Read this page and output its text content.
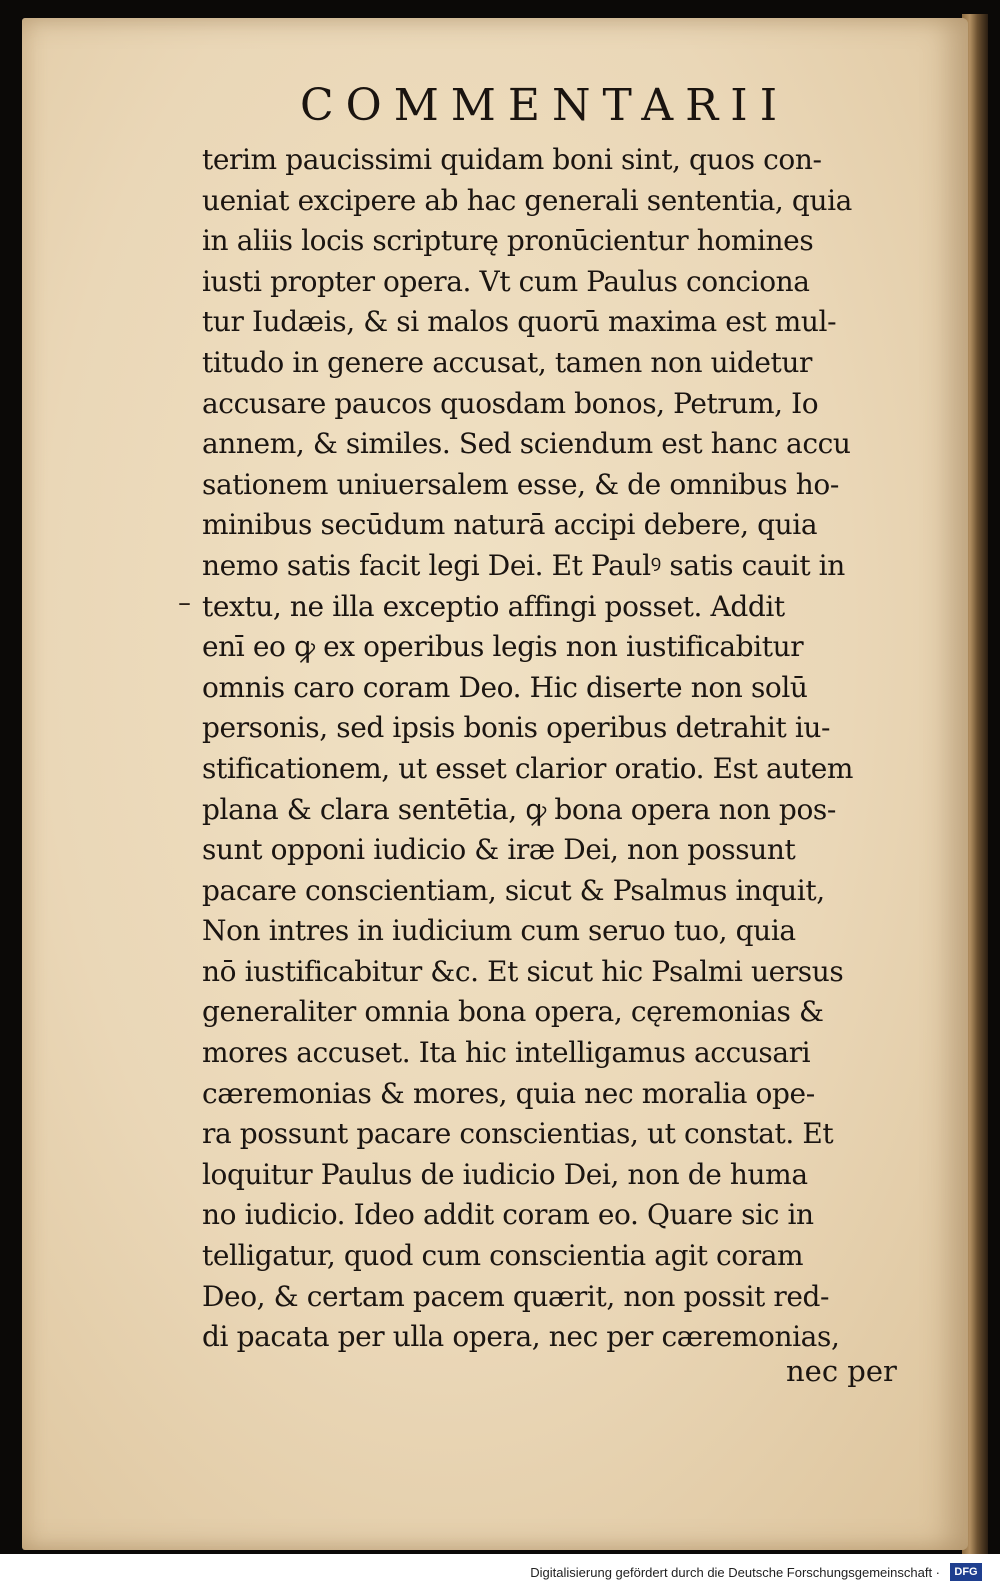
COMMENTARII
–
terim paucissimi quidam boni sint, quos con-
ueniat excipere ab hac generali sententia, quia
in aliis locis scripturę pronūcientur homines
iusti propter opera. Vt cum Paulus conciona
tur Iudæis, & si malos quorū maxima est mul-
titudo in genere accusat, tamen non uidetur
accusare paucos quosdam bonos, Petrum, Io
annem, & similes. Sed sciendum est hanc accu
sationem uniuersalem esse, & de omnibus ho-
minibus secūdum naturā accipi debere, quia
nemo satis facit legi Dei. Et Paulꝰ satis cauit in
textu, ne illa exceptio affingi posset. Addit
enī eo ꝙ ex operibus legis non iustificabitur
omnis caro coram Deo. Hic diserte non solū
personis, sed ipsis bonis operibus detrahit iu-
stificationem, ut esset clarior oratio. Est autem
plana & clara sentētia, ꝙ bona opera non pos-
sunt opponi iudicio & iræ Dei, non possunt
pacare conscientiam, sicut & Psalmus inquit,
Non intres in iudicium cum seruo tuo, quia
nō iustificabitur &c. Et sicut hic Psalmi uersus
generaliter omnia bona opera, cęremonias &
mores accuset. Ita hic intelligamus accusari
cæremonias & mores, quia nec moralia ope-
ra possunt pacare conscientias, ut constat. Et
loquitur Paulus de iudicio Dei, non de huma
no iudicio. Ideo addit coram eo. Quare sic in
telligatur, quod cum conscientia agit coram
Deo, & certam pacem quærit, non possit red-
di pacata per ulla opera, nec per cæremonias,
nec per
Digitalisierung gefördert durch die Deutsche Forschungsgemeinschaft ·	DFG
